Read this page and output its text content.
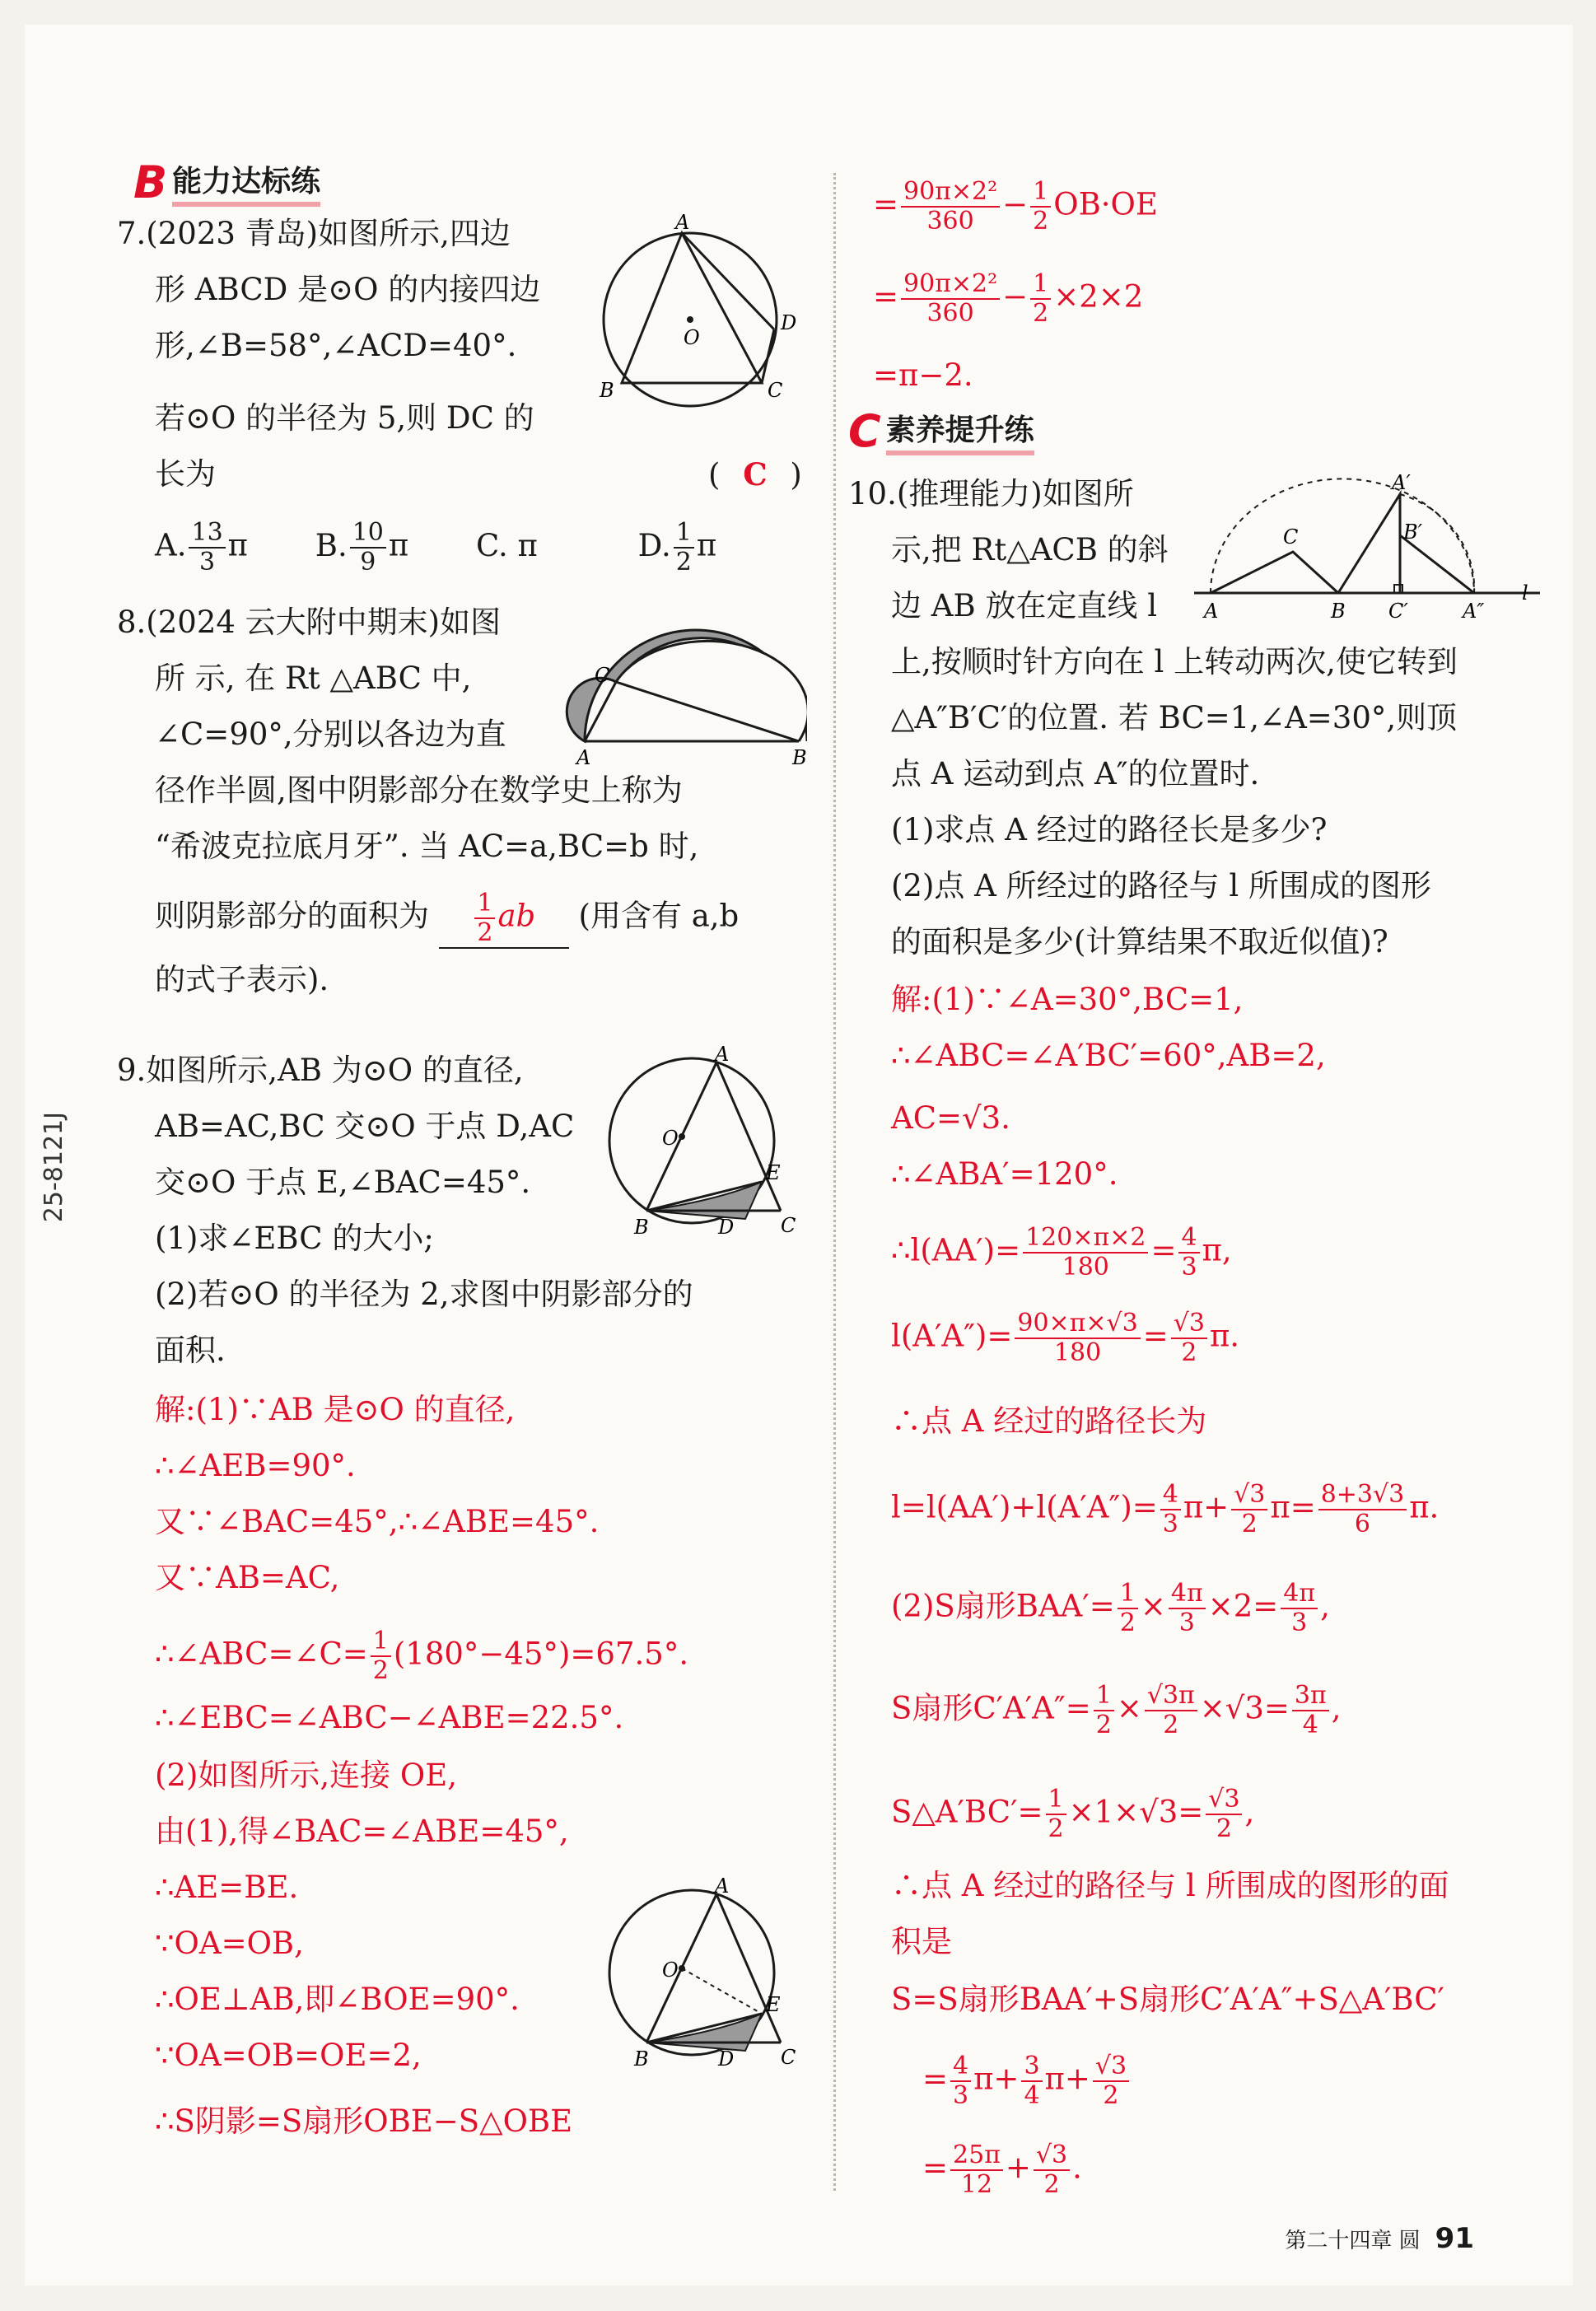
25-8121J
B 能力达标练
7.(2023 青岛)如图所示,四边
形 ABCD 是⊙O 的内接四边
形,∠B=58°,∠ACD=40°.
若⊙O 的半径为 5,则 DC 的
长为	( C )
A. $\frac{13}{3}$ π B. $\frac{10}{9}$ π C. π	D. $\frac{1}{2}$ π
A
B	C
D
O
8.(2024 云大附中期末)如图
所 示, 在 Rt △ABC 中,
∠C=90°,分别以各边为直
径作半圆,图中阴影部分在数学史上称为
“希波克拉底月牙”. 当 AC=a,BC=b 时,
则阴影部分的面积为 $\frac{1}{2}$ ab (用含有 a,b
的式子表示).
A	B
C
9.如图所示,AB 为⊙O 的直径,
AB=AC,BC 交⊙O 于点 D,AC
交⊙O 于点 E,∠BAC=45°.
(1)求∠EBC 的大小;
(2)若⊙O 的半径为 2,求图中阴影部分的
面积.
解:(1)∵AB 是⊙O 的直径,
∴∠AEB=90°.
又∵∠BAC=45°,∴∠ABE=45°.
又∵AB=AC,
∴∠ABC=∠C= $\frac{1}{2} (180^\circ-45^\circ)=67.5^\circ$.
∴∠EBC=∠ABC−∠ABE=22.5°.
(2)如图所示,连接 OE,
由(1),得∠BAC=∠ABE=45°,
∴AE=BE.
∵OA=OB,
∴OE⊥AB,即∠BOE=90°.
∵OA=OB=OE=2,
∴S阴影=S扇形OBE−S△OBE
A
O
E
C
B	D
A
O
E
C
B	D
= $\frac{\text{90π×2²}}{360} - \frac{1}{2} OB\cdot OE$
= $\frac{\text{90π×2²}}{360} - \frac{1}{2} \times 2\times 2$
=π−2.
C 素养提升练
10.(推理能力)如图所
示,把 Rt△ACB 的斜
边 AB 放在定直线 l
上,按顺时针方向在 l 上转动两次,使它转到
△A″B′C′的位置. 若 BC=1,∠A=30°,则顶
点 A 运动到点 A″的位置时.
(1)求点 A 经过的路径长是多少?
(2)点 A 所经过的路径与 l 所围成的图形
的面积是多少(计算结果不取近似值)?
A
C
B
A′
B′
C′	A″
l
解:(1)∵∠A=30°,BC=1,
∴∠ABC=∠A′BC′=60°,AB=2,
AC=√3.
∴∠ABA′=120°.
∴l(AA′)= $\frac{120\times\pi\times 2}{180} = \frac{4}{3} \pi$,
$l(A'A'')= \frac{90\times\pi\times√3}{180} = \frac{√3}{2} \pi$.
∴点 A 经过的路径长为
$l=l(AA')+l(A'A'')= \frac{4}{3} \pi+ \frac{√3}{2} \pi= \frac{8+3√3}{6} \pi$.
(2)S扇形$BAA'= \frac{1}{2} \times \frac{4\pi}{3} \times 2= \frac{4\pi}{3}$ ,
S扇形$C'A'A''= \frac{1}{2} \times \frac{√3\pi}{2} \times√3= \frac{3\pi}{4}$ ,
S△A′BC′= $\frac{1}{2} \times 1\times√3= \frac{√3}{2}$ ,
∴点 A 经过的路径与 l 所围成的图形的面
积是
S=S扇形BAA′+S扇形C′A′A″+S△A′BC′
= $\frac{4}{3} \pi+ \frac{3}{4} \pi+ \frac{√3}{2}$
= $\frac{25\pi}{12} + \frac{√3}{2}$ .
第二十四章 圆 91
